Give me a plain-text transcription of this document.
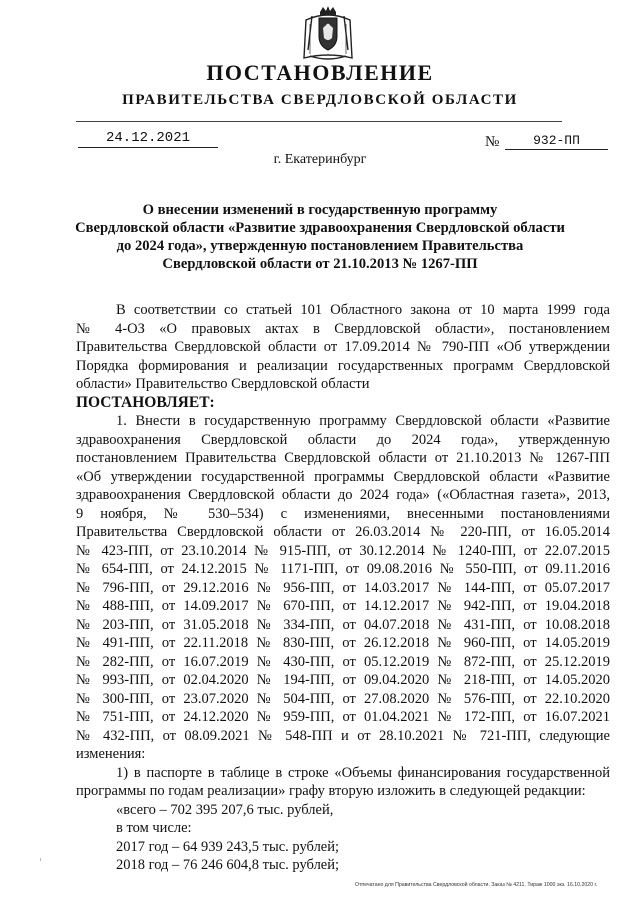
ПОСТАНОВЛЕНИЕ
ПРАВИТЕЛЬСТВА СВЕРДЛОВСКОЙ ОБЛАСТИ
24.12.2021	№	932-ПП
г. Екатеринбург
О внесении изменений в государственную программу
Свердловской области «Развитие здравоохранения Свердловской области
до 2024 года», утвержденную постановлением Правительства
Свердловской области от 21.10.2013 № 1267-ПП

В соответствии со статьей 101 Областного закона от 10 марта 1999 года

№ 4-ОЗ «О правовых актах в Свердловской области», постановлением

Правительства Свердловской области от 17.09.2014 № 790-ПП «Об утверждении

Порядка формирования и реализации государственных программ Свердловской

области» Правительство Свердловской области

ПОСТАНОВЛЯЕТ:

1. Внести в государственную программу Свердловской области «Развитие

здравоохранения Свердловской области до 2024 года», утвержденную

постановлением Правительства Свердловской области от 21.10.2013 № 1267-ПП

«Об утверждении государственной программы Свердловской области «Развитие

здравоохранения Свердловской области до 2024 года» («Областная газета», 2013,

9 ноября, № 530–534) с изменениями, внесенными постановлениями

Правительства Свердловской области от 26.03.2014 № 220-ПП, от 16.05.2014

№ 423-ПП, от 23.10.2014 № 915-ПП, от 30.12.2014 № 1240-ПП, от 22.07.2015

№ 654-ПП, от 24.12.2015 № 1171-ПП, от 09.08.2016 № 550-ПП, от 09.11.2016

№ 796-ПП, от 29.12.2016 № 956-ПП, от 14.03.2017 № 144-ПП, от 05.07.2017

№ 488-ПП, от 14.09.2017 № 670-ПП, от 14.12.2017 № 942-ПП, от 19.04.2018

№ 203-ПП, от 31.05.2018 № 334-ПП, от 04.07.2018 № 431-ПП, от 10.08.2018

№ 491-ПП, от 22.11.2018 № 830-ПП, от 26.12.2018 № 960-ПП, от 14.05.2019

№ 282-ПП, от 16.07.2019 № 430-ПП, от 05.12.2019 № 872-ПП, от 25.12.2019

№ 993-ПП, от 02.04.2020 № 194-ПП, от 09.04.2020 № 218-ПП, от 14.05.2020

№ 300-ПП, от 23.07.2020 № 504-ПП, от 27.08.2020 № 576-ПП, от 22.10.2020

№ 751-ПП, от 24.12.2020 № 959-ПП, от 01.04.2021 № 172-ПП, от 16.07.2021

№ 432-ПП, от 08.09.2021 № 548-ПП и от 28.10.2021 № 721-ПП, следующие

изменения:

1) в паспорте в таблице в строке «Объемы финансирования государственной

программы по годам реализации» графу вторую изложить в следующей редакции:

«всего – 702 395 207,6 тыс. рублей,

в том числе:

2017 год – 64 939 243,5 тыс. рублей;

2018 год – 76 246 604,8 тыс. рублей;

Отпечатано для Правительства Свердловской области. Заказ № 4211. Тираж 1000 экз. 16.10.2020 г.
